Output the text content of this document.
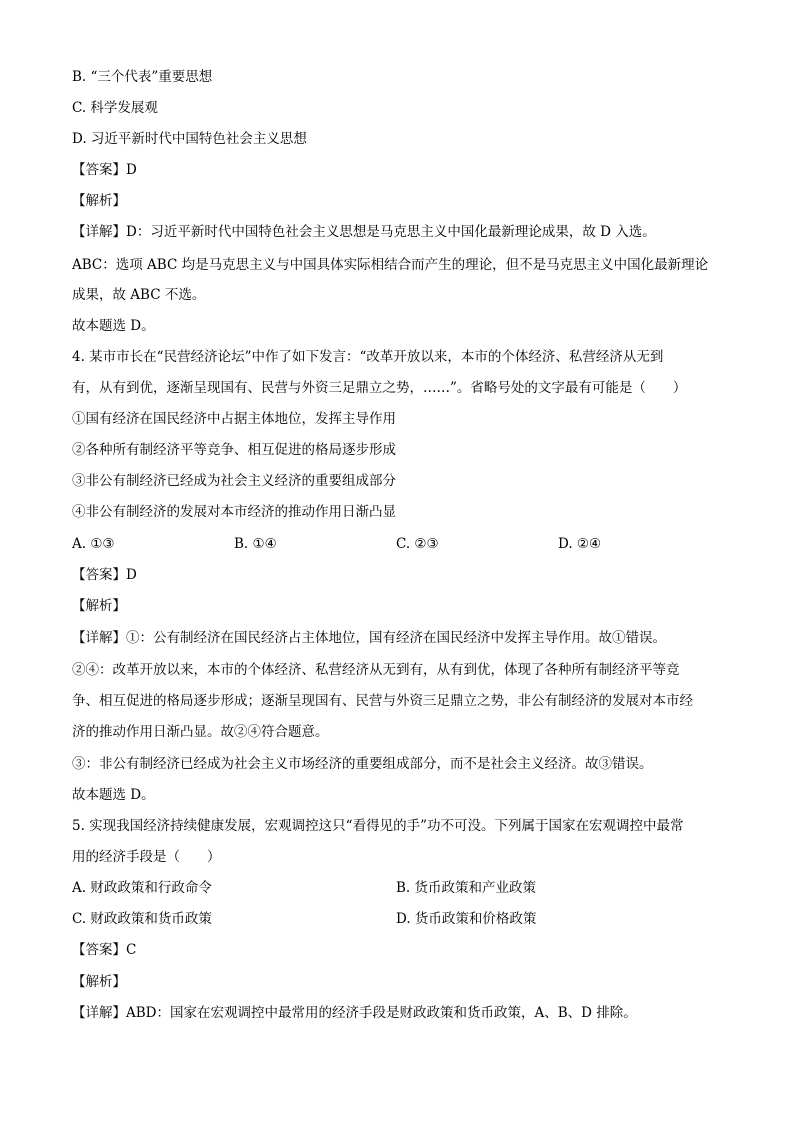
B. “三个代表”重要思想
C. 科学发展观
D. 习近平新时代中国特色社会主义思想
【答案】D
【解析】
【详解】D：习近平新时代中国特色社会主义思想是马克思主义中国化最新理论成果，故 D 入选。
ABC：选项 ABC 均是马克思主义与中国具体实际相结合而产生的理论，但不是马克思主义中国化最新理论
成果，故 ABC 不选。
故本题选 D。
4. 某市市长在“民营经济论坛”中作了如下发言：“改革开放以来，本市的个体经济、私营经济从无到
有，从有到优，逐渐呈现国有、民营与外资三足鼎立之势，……”。省略号处的文字最有可能是（　　）
①国有经济在国民经济中占据主体地位，发挥主导作用
②各种所有制经济平等竞争、相互促进的格局逐步形成
③非公有制经济已经成为社会主义经济的重要组成部分
④非公有制经济的发展对本市经济的推动作用日渐凸显
A. ①③	B. ①④	C. ②③	D. ②④
【答案】D
【解析】
【详解】①：公有制经济在国民经济占主体地位，国有经济在国民经济中发挥主导作用。故①错误。
②④：改革开放以来，本市的个体经济、私营经济从无到有，从有到优，体现了各种所有制经济平等竞
争、相互促进的格局逐步形成；逐渐呈现国有、民营与外资三足鼎立之势，非公有制经济的发展对本市经
济的推动作用日渐凸显。故②④符合题意。
③：非公有制经济已经成为社会主义市场经济的重要组成部分，而不是社会主义经济。故③错误。
故本题选 D。
5. 实现我国经济持续健康发展，宏观调控这只“看得见的手”功不可没。下列属于国家在宏观调控中最常
用的经济手段是（　　）
A. 财政政策和行政命令	B. 货币政策和产业政策
C. 财政政策和货币政策	D. 货币政策和价格政策
【答案】C
【解析】
【详解】ABD：国家在宏观调控中最常用的经济手段是财政政策和货币政策，A、B、D 排除。
